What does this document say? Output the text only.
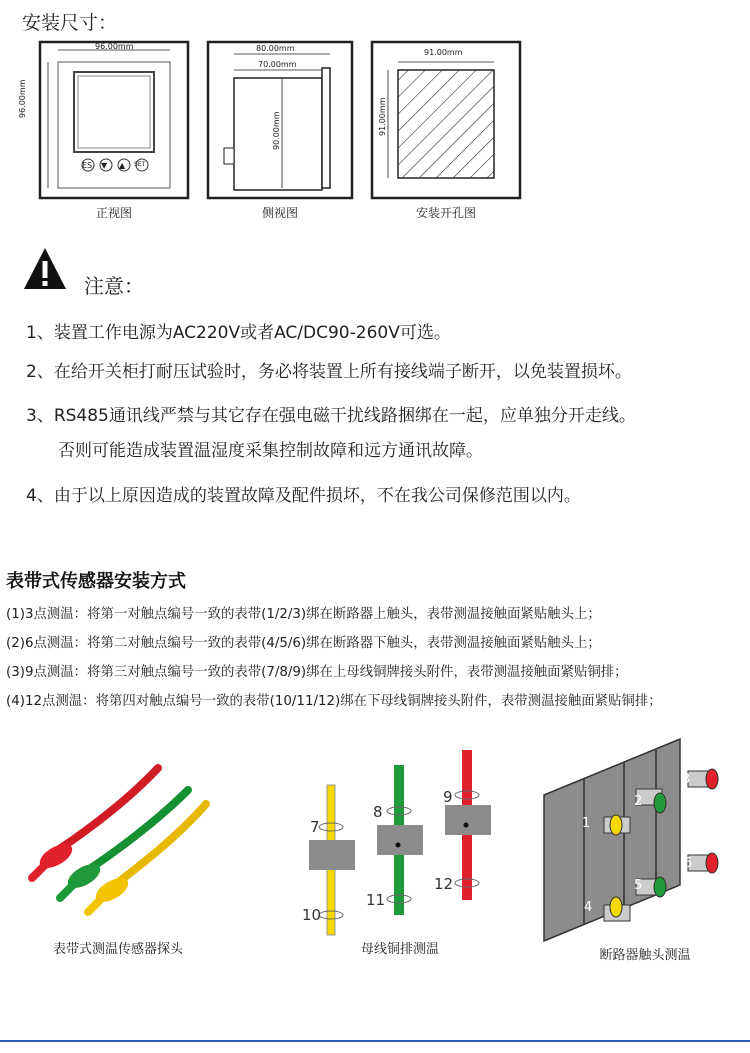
安装尺寸：
96.00mm
96.00mm
ES ▼ ▲ SET
正视图
80.00mm
70.00mm
90.00mm
侧视图
91.00mm
91.00mm
安装开孔图
注意：
1、装置工作电源为AC220V或者AC/DC90-260V可选。
2、在给开关柜打耐压试验时，务必将装置上所有接线端子断开，以免装置损坏。
3、RS485通讯线严禁与其它存在强电磁干扰线路捆绑在一起，应单独分开走线。
否则可能造成装置温湿度采集控制故障和远方通讯故障。
4、由于以上原因造成的装置故障及配件损坏，不在我公司保修范围以内。
表带式传感器安装方式
(1)3点测温：将第一对触点编号一致的表带(1/2/3)绑在断路器上触头，表带测温接触面紧贴触头上；
(2)6点测温：将第二对触点编号一致的表带(4/5/6)绑在断路器下触头，表带测温接触面紧贴触头上；
(3)9点测温：将第三对触点编号一致的表带(7/8/9)绑在上母线铜牌接头附件，表带测温接触面紧贴铜排；
(4)12点测温：将第四对触点编号一致的表带(10/11/12)绑在下母线铜牌接头附件，表带测温接触面紧贴铜排；
表带式测温传感器探头
7
8
9
10
11
12
母线铜排测温
1
2
3
4
5
6
断路器触头测温
